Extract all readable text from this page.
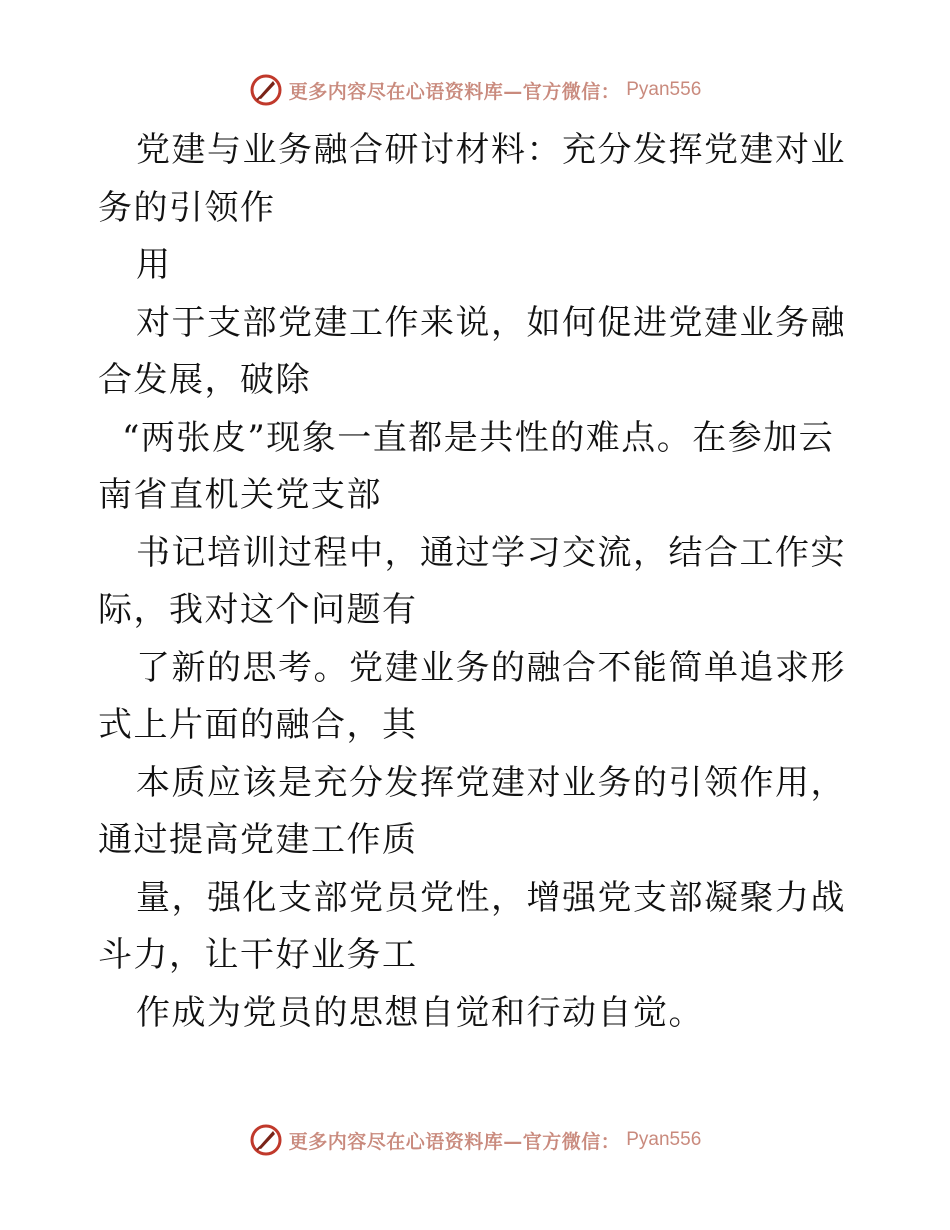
更多内容尽在心语资料库—官方微信： Pyan556

党建与业务融合研讨材料：充分发挥党建对业务的引领作

用

对于支部党建工作来说，如何促进党建业务融合发展，破除

“两张皮”现象一直都是共性的难点。在参加云南省直机关党支部

书记培训过程中，通过学习交流，结合工作实际，我对这个问题有

了新的思考。党建业务的融合不能简单追求形式上片面的融合，其

本质应该是充分发挥党建对业务的引领作用，通过提高党建工作质

量，强化支部党员党性，增强党支部凝聚力战斗力，让干好业务工

作成为党员的思想自觉和行动自觉。

更多内容尽在心语资料库—官方微信： Pyan556
